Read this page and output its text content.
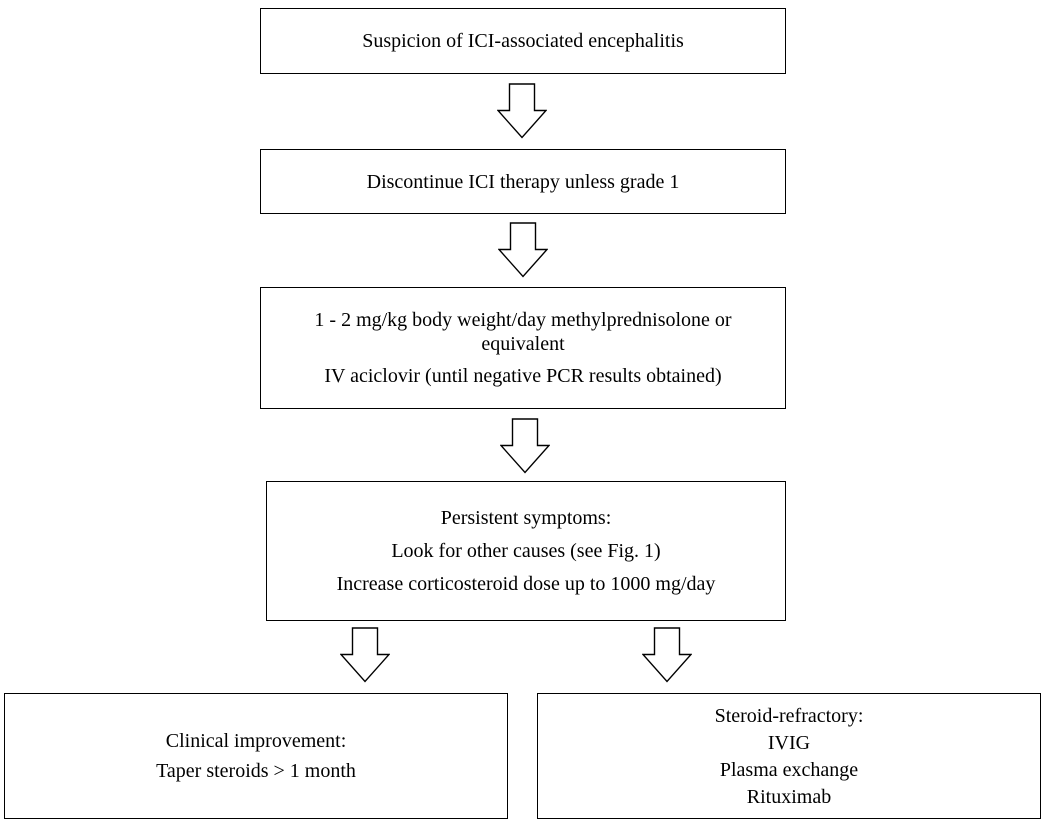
Suspicion of ICI-associated encephalitis
Discontinue ICI therapy unless grade 1
1 - 2 mg/kg body weight/day methylprednisolone or equivalent
IV aciclovir (until negative PCR results obtained)
Persistent symptoms:
Look for other causes (see Fig. 1)
Increase corticosteroid dose up to 1000 mg/day
Clinical improvement:
Taper steroids > 1 month
Steroid-refractory:
IVIG
Plasma exchange
Rituximab
